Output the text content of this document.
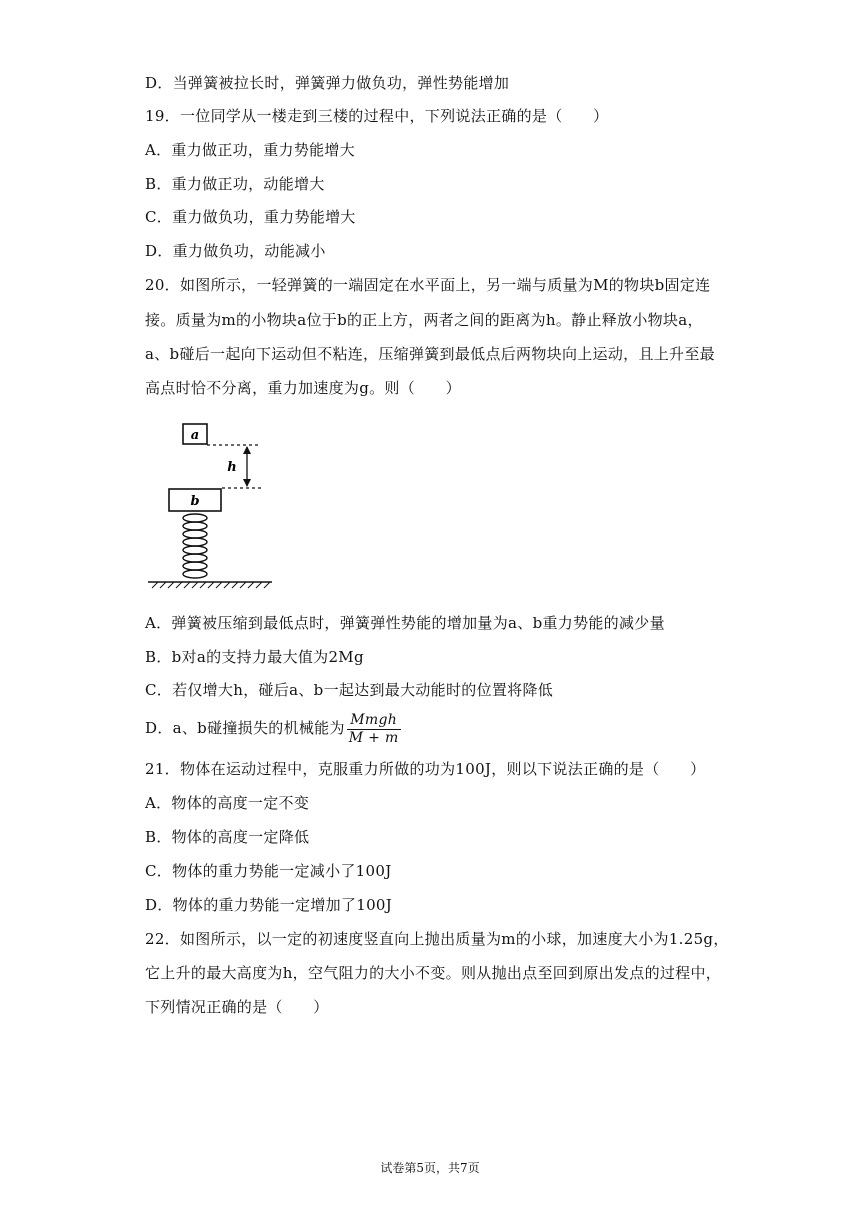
D．当弹簧被拉长时，弹簧弹力做负功，弹性势能增加
19．一位同学从一楼走到三楼的过程中，下列说法正确的是（　　）
A．重力做正功，重力势能增大
B．重力做正功，动能增大
C．重力做负功，重力势能增大
D．重力做负功，动能减小
20．如图所示，一轻弹簧的一端固定在水平面上，另一端与质量为M的物块b固定连
接。质量为m的小物块a位于b的正上方，两者之间的距离为h。静止释放小物块a，
a、b碰后一起向下运动但不粘连，压缩弹簧到最低点后两物块向上运动，且上升至最
高点时恰不分离，重力加速度为g。则（　　）
a
h
b
A．弹簧被压缩到最低点时，弹簧弹性势能的增加量为a、b重力势能的减少量
B．b对a的支持力最大值为2Mg
C．若仅增大h，碰后a、b一起达到最大动能时的位置将降低
D．a、b碰撞损失的机械能为 $\frac{\text{Mmgh}}{M + m}$
21．物体在运动过程中，克服重力所做的功为100J，则以下说法正确的是（　　）
A．物体的高度一定不变
B．物体的高度一定降低
C．物体的重力势能一定减小了100J
D．物体的重力势能一定增加了100J
22．如图所示，以一定的初速度竖直向上抛出质量为m的小球，加速度大小为1.25g，
它上升的最大高度为h，空气阻力的大小不变。则从抛出点至回到原出发点的过程中，
下列情况正确的是（　　）
试卷第5页，共7页
